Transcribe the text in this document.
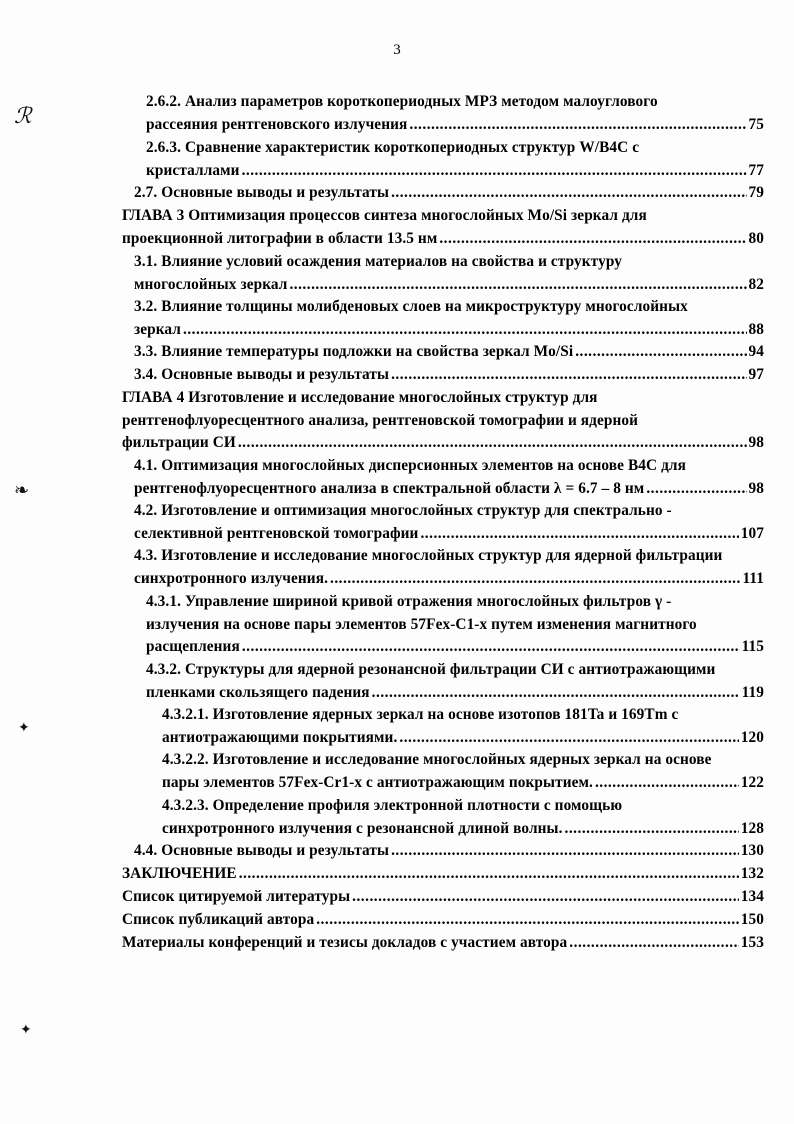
3
ℛ
❧
✦
✦
2.6.2. Анализ параметров короткопериодных МРЗ методом малоуглового
рассеяния рентгеновского излучения .....	75
2.6.3. Сравнение характеристик короткопериодных структур W/B4C с
кристаллами .....	77
2.7. Основные выводы и результаты .....	79
ГЛАВА 3 Оптимизация процессов синтеза многослойных Mo/Si зеркал для
проекционной литографии в области 13.5 нм .....	80
3.1. Влияние условий осаждения материалов на свойства и структуру
многослойных зеркал .....	82
3.2. Влияние толщины молибденовых слоев на микроструктуру многослойных
зеркал .....	88
3.3. Влияние температуры подложки на свойства зеркал Mo/Si .....	94
3.4. Основные выводы и результаты .....	97
ГЛАВА 4 Изготовление и исследование многослойных структур для
рентгенофлуоресцентного анализа, рентгеновской томографии и ядерной
фильтрации СИ .....	98
4.1. Оптимизация многослойных дисперсионных элементов на основе B4C для
рентгенофлуоресцентного анализа в спектральной области λ = 6.7 – 8 нм .....	98
4.2. Изготовление и оптимизация многослойных структур для спектрально -
селективной рентгеновской томографии .....	107
4.3. Изготовление и исследование многослойных структур для ядерной фильтрации
синхротронного излучения. .....	111
4.3.1. Управление шириной кривой отражения многослойных фильтров γ -
излучения на основе пары элементов 57Fex-C1-x путем изменения магнитного
расщепления .....	115
4.3.2. Структуры для ядерной резонансной фильтрации СИ с антиотражающими
пленками скользящего падения .....	119
4.3.2.1. Изготовление ядерных зеркал на основе изотопов 181Ta и 169Tm с
антиотражающими покрытиями. .....	120
4.3.2.2. Изготовление и исследование многослойных ядерных зеркал на основе
пары элементов 57Fex-Cr1-x с антиотражающим покрытием. .....	122
4.3.2.3. Определение профиля электронной плотности с помощью
синхротронного излучения с резонансной длиной волны. .....	128
4.4. Основные выводы и результаты .....	130
ЗАКЛЮЧЕНИЕ .....	132
Список цитируемой литературы .....	134
Список публикаций автора .....	150
Материалы конференций и тезисы докладов с участием автора .....	153
